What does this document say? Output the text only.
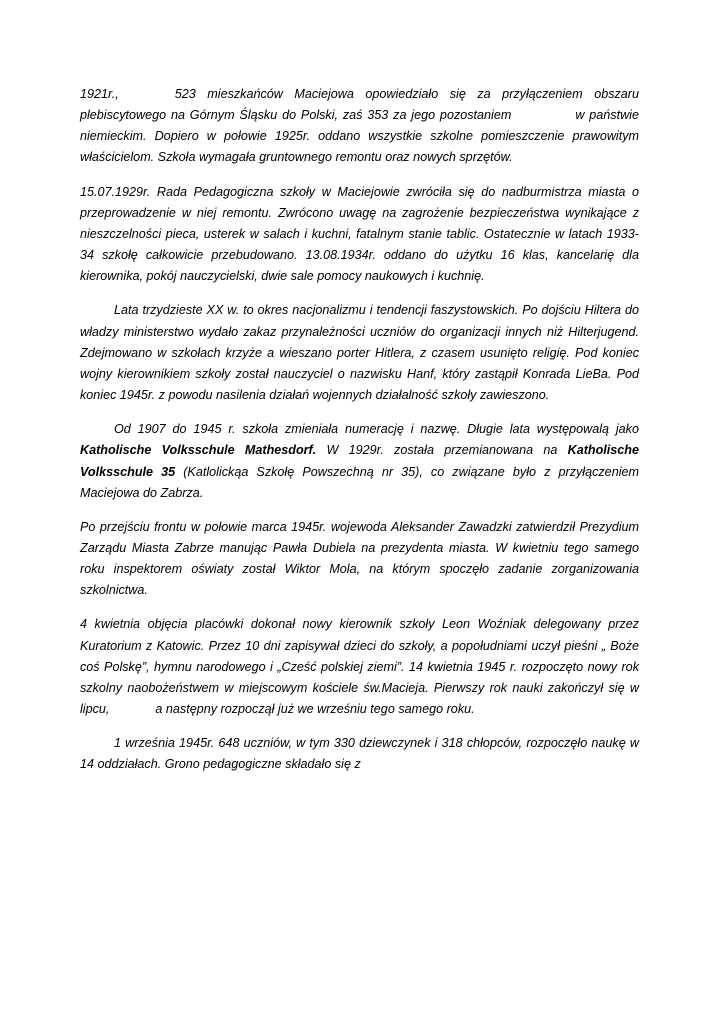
1921r.,	523 mieszkańców Maciejowa opowiedziało się za przyłączeniem obszaru plebiscytowego na Górnym Śląsku do Polski, zaś 353 za jego pozostaniem	w państwie niemieckim. Dopiero w połowie 1925r. oddano wszystkie szkolne pomieszczenie prawowitym właścicielom. Szkoła wymagała gruntownego remontu oraz nowych sprzętów.

15.07.1929r. Rada Pedagogiczna szkoły w Maciejowie zwróciła się do nadburmistrza miasta o przeprowadzenie w niej remontu. Zwrócono uwagę na zagrożenie bezpieczeństwa wynikające z nieszczelności pieca, usterek w salach i kuchni, fatalnym stanie tablic. Ostatecznie w latach 1933-34 szkołę całkowicie przebudowano. 13.08.1934r. oddano do użytku 16 klas, kancelarię dla kierownika, pokój nauczycielski, dwie sale pomocy naukowych i kuchnię.

Lata trzydzieste XX w. to okres nacjonalizmu i tendencji faszystowskich. Po dojściu Hiltera do władzy ministerstwo wydało zakaz przynależności uczniów do organizacji innych niż Hilterjugend. Zdejmowano w szkołach krzyże a wieszano porter Hitlera, z czasem usunięto religię. Pod koniec wojny kierownikiem szkoły został nauczyciel o nazwisku Hanf, który zastąpił Konrada LieBa. Pod koniec 1945r. z powodu nasilenia działań wojennych działalność szkoły zawieszono.

Od 1907 do 1945 r. szkoła zmieniała numerację i nazwę. Długie lata występowalą jako Katholische Volksschule Mathesdorf. W 1929r. została przemianowana na Katholische Volksschule 35 (Katlolickąa Szkołę Powszechną nr 35), co związane było z przyłączeniem Maciejowa do Zabrza.

Po przejściu frontu w połowie marca 1945r. wojewoda Aleksander Zawadzki zatwierdził Prezydium Zarządu Miasta Zabrze manując Pawła Dubiela na prezydenta miasta. W kwietniu tego samego roku inspektorem oświaty został Wiktor Mola, na którym spoczęło zadanie zorganizowania szkolnictwa.

4 kwietnia objęcia placówki dokonał nowy kierownik szkoły Leon Woźniak delegowany przez Kuratorium z Katowic. Przez 10 dni zapisywał dzieci do szkoły, a popołudniami uczył pieśni „ Boże coś Polskę”, hymnu narodowego i „Cześć polskiej ziemi”. 14 kwietnia 1945 r. rozpoczęto nowy rok szkolny naobożeństwem w miejscowym kościele św.Macieja. Pierwszy rok nauki zakończył się w lipcu,	a następny rozpoczął już we wrześniu tego samego roku.

1 września 1945r. 648 uczniów, w tym 330 dziewczynek i 318 chłopców, rozpoczęło naukę w 14 oddziałach. Grono pedagogiczne składało się z
